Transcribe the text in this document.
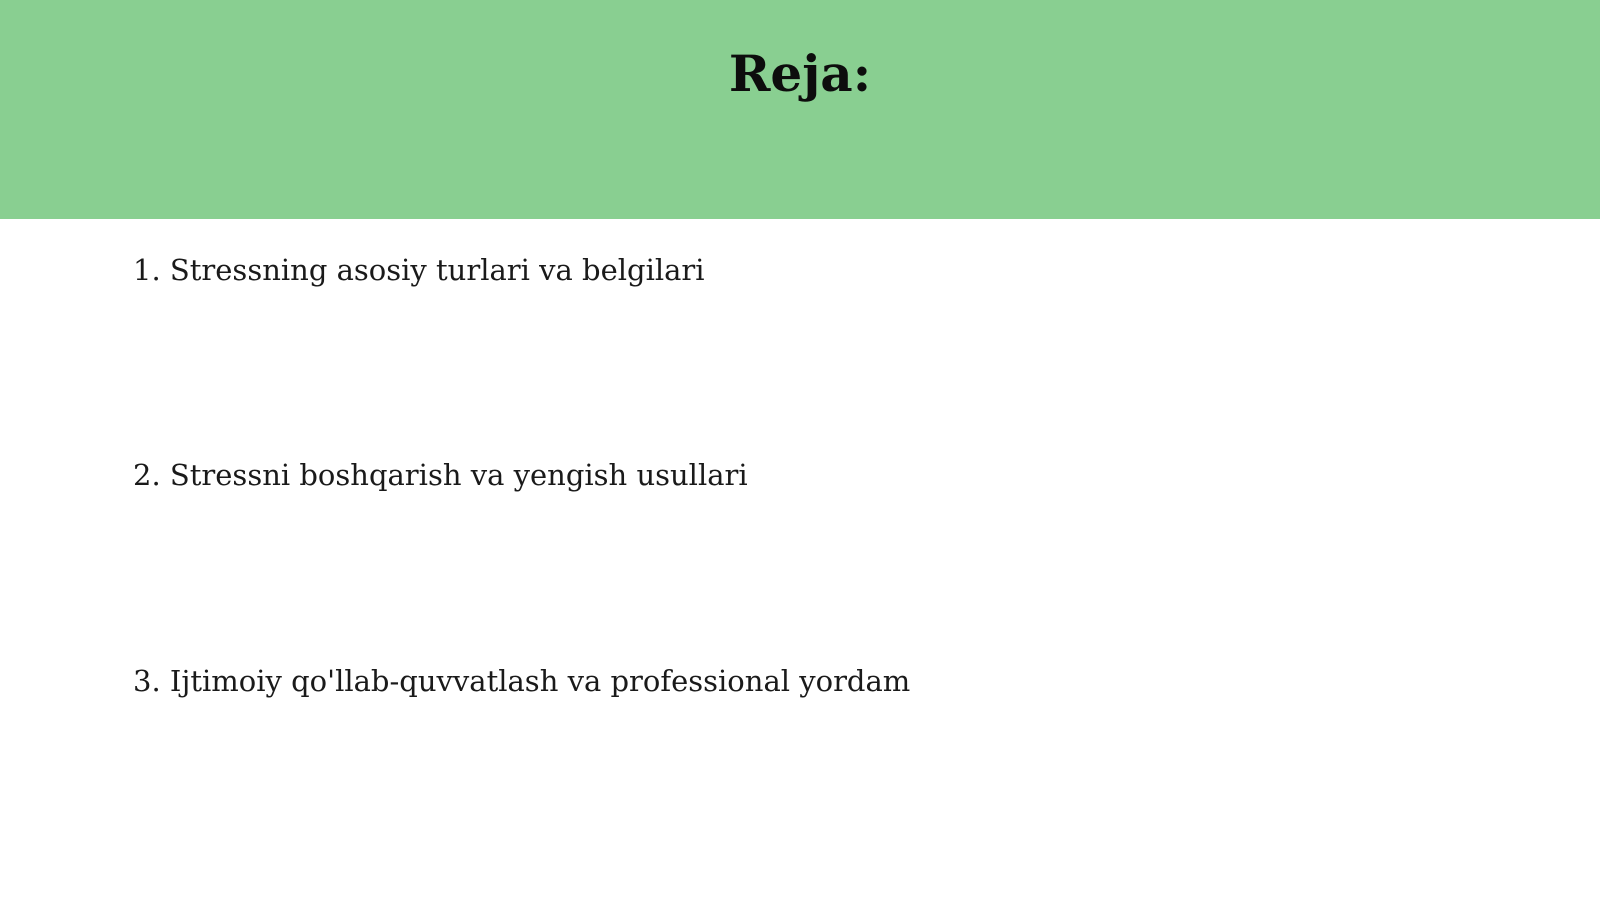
Reja:
1. Stressning asosiy turlari va belgilari
2. Stressni boshqarish va yengish usullari
3. Ijtimoiy qo'llab-quvvatlash va professional yordam
